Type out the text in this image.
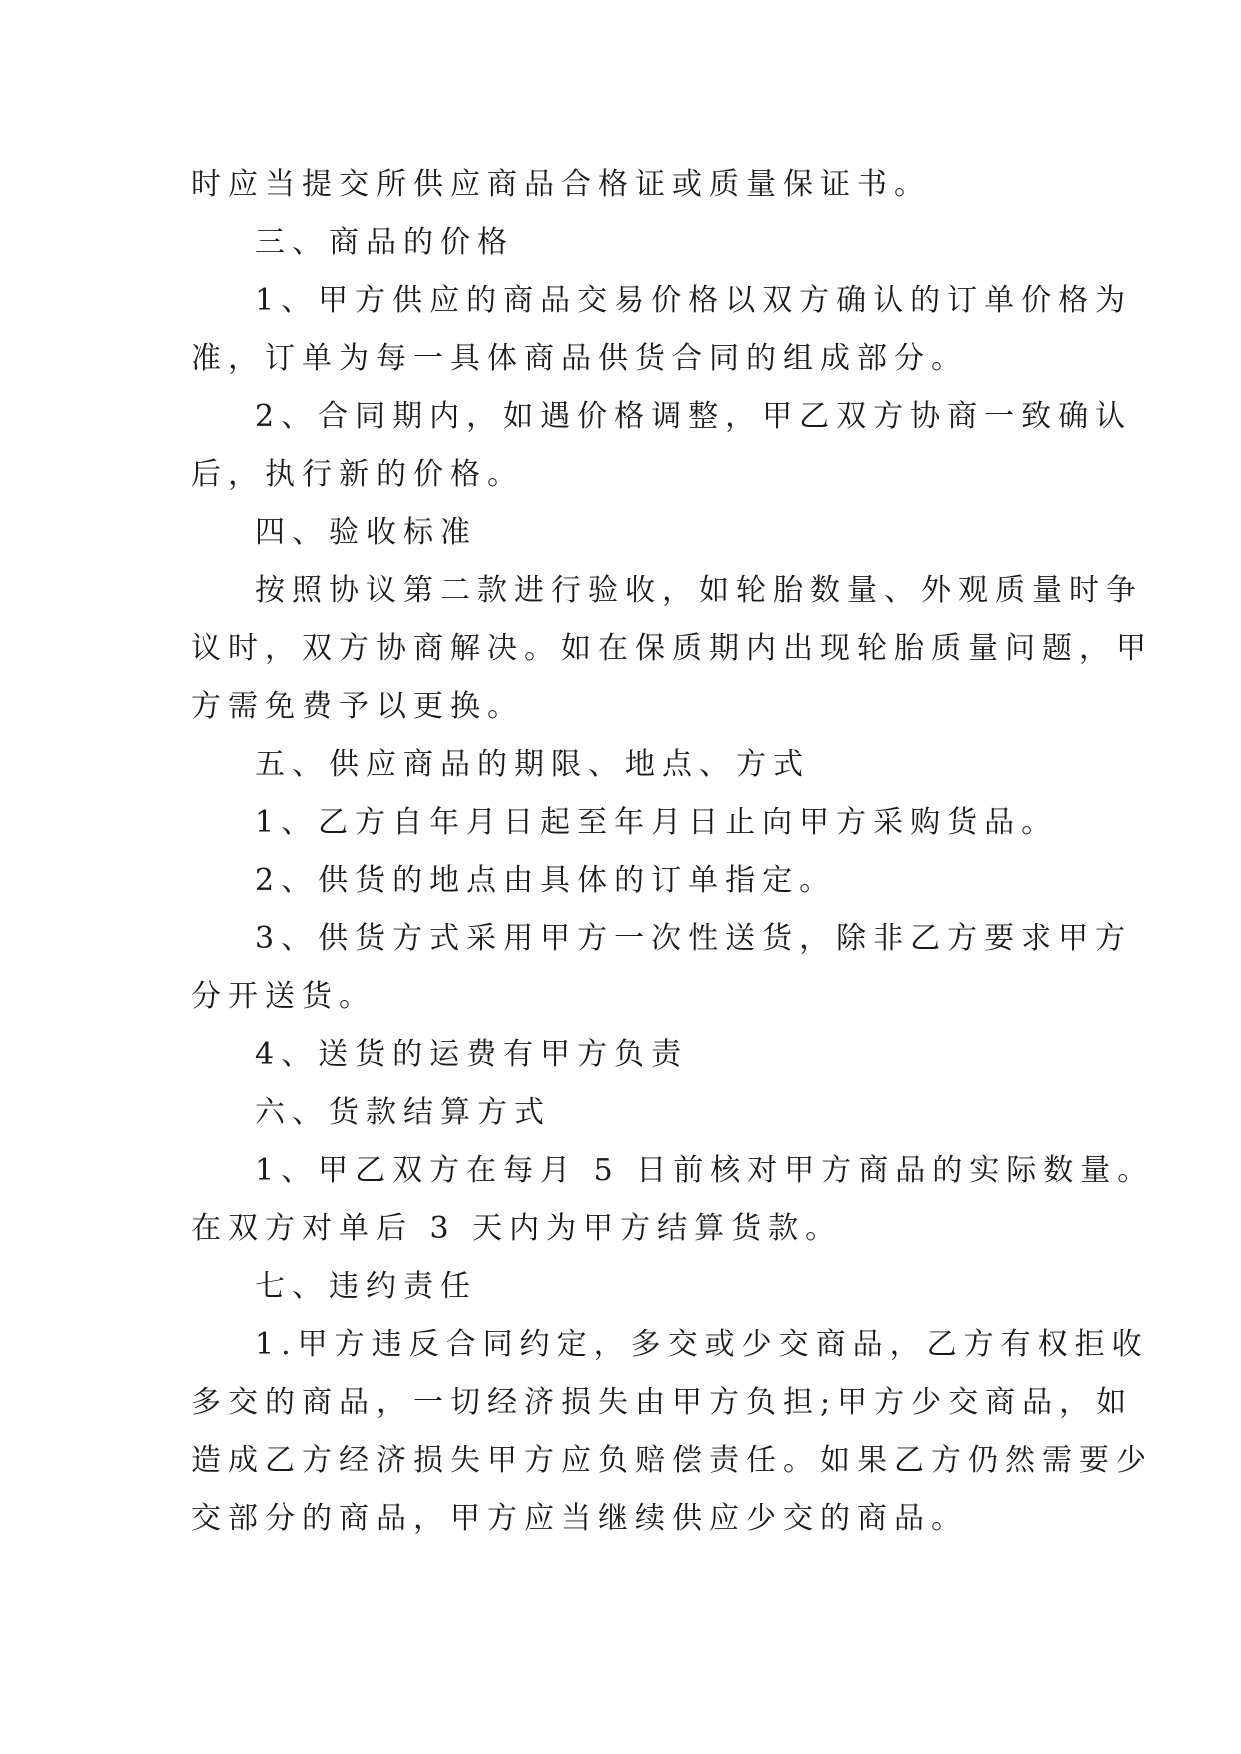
时应当提交所供应商品合格证或质量保证书。
三、商品的价格
1、甲方供应的商品交易价格以双方确认的订单价格为
准，订单为每一具体商品供货合同的组成部分。
2、合同期内，如遇价格调整，甲乙双方协商一致确认
后，执行新的价格。
四、验收标准
按照协议第二款进行验收，如轮胎数量、外观质量时争
议时，双方协商解决。如在保质期内出现轮胎质量问题，甲
方需免费予以更换。
五、供应商品的期限、地点、方式
1、乙方自年月日起至年月日止向甲方采购货品。
2、供货的地点由具体的订单指定。
3、供货方式采用甲方一次性送货，除非乙方要求甲方
分开送货。
4、送货的运费有甲方负责
六、货款结算方式
1、甲乙双方在每月 5 日前核对甲方商品的实际数量。
在双方对单后 3 天内为甲方结算货款。
七、违约责任
1.甲方违反合同约定，多交或少交商品，乙方有权拒收
多交的商品，一切经济损失由甲方负担;甲方少交商品，如
造成乙方经济损失甲方应负赔偿责任。如果乙方仍然需要少
交部分的商品，甲方应当继续供应少交的商品。
